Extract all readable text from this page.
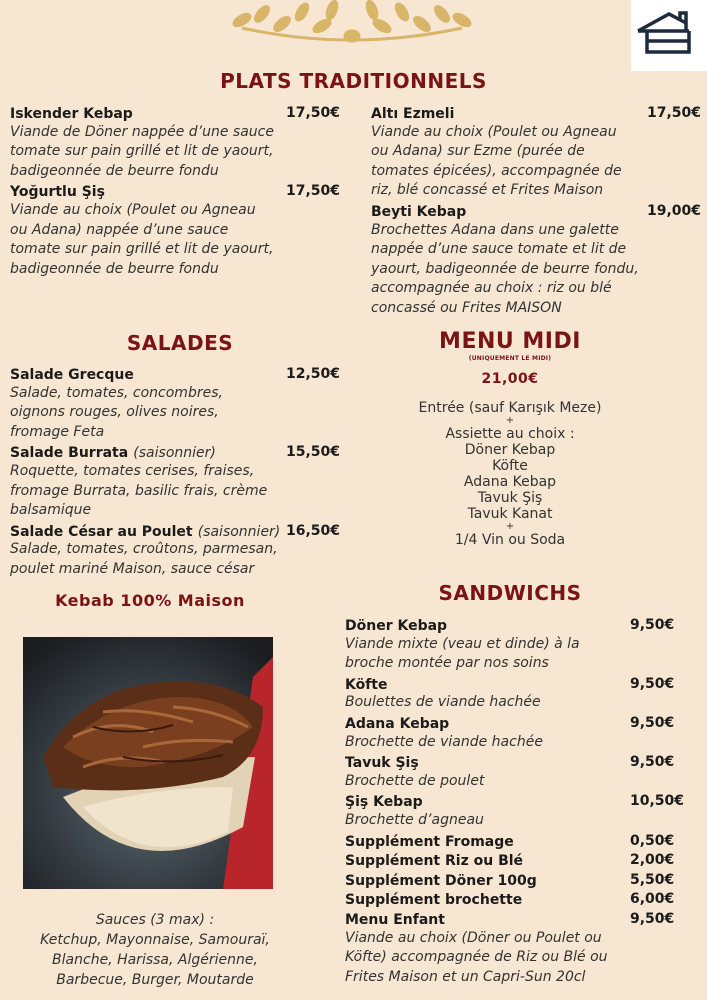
PLATS TRADITIONNELS
SALADES	MENU MIDI
(UNIQUEMENT LE MIDI)
21,00€
SANDWICHS
Kebab 100% Maison
Iskender Kebap	17,50€
Viande de Döner nappée d’une sauce
tomate sur pain grillé et lit de yaourt,
badigeonnée de beurre fondu
Yoğurtlu Şiş	17,50€
Viande au choix (Poulet ou Agneau
ou Adana) nappée d’une sauce
tomate sur pain grillé et lit de yaourt,
badigeonnée de beurre fondu
Altı Ezmeli	17,50€
Viande au choix (Poulet ou Agneau
ou Adana) sur Ezme (purée de
tomates épicées), accompagnée de
riz, blé concassé et Frites Maison
Beyti Kebap	19,00€
Brochettes Adana dans une galette
nappée d’une sauce tomate et lit de
yaourt, badigeonnée de beurre fondu,
accompagnée au choix : riz ou blé
concassé ou Frites MAISON
Salade Grecque	12,50€
Salade, tomates, concombres,
oignons rouges, olives noires,
fromage Feta
Salade Burrata (saisonnier)	15,50€
Roquette, tomates cerises, fraises,
fromage Burrata, basilic frais, crème
balsamique
Salade César au Poulet (saisonnier) 16,50€
Salade, tomates, croûtons, parmesan,
poulet mariné Maison, sauce césar
Döner Kebap	9,50€
Viande mixte (veau et dinde) à la
broche montée par nos soins
Köfte	9,50€
Boulettes de viande hachée
Adana Kebap	9,50€
Brochette de viande hachée
Tavuk Şiş	9,50€
Brochette de poulet
Şiş Kebap	10,50€
Brochette d’agneau
Supplément Fromage	0,50€
Supplément Riz ou Blé	2,00€
Supplément Döner 100g	5,50€
Supplément brochette	6,00€
Menu Enfant	9,50€
Viande au choix (Döner ou Poulet ou
Köfte) accompagnée de Riz ou Blé ou
Frites Maison et un Capri-Sun 20cl
Entrée (sauf Karışık Meze)
+
Assiette au choix :
Döner Kebap
Köfte
Adana Kebap
Tavuk Şiş
Tavuk Kanat
+
1/4 Vin ou Soda
Sauces (3 max) :
Ketchup, Mayonnaise, Samouraï,
Blanche, Harissa, Algérienne,
Barbecue, Burger, Moutarde
